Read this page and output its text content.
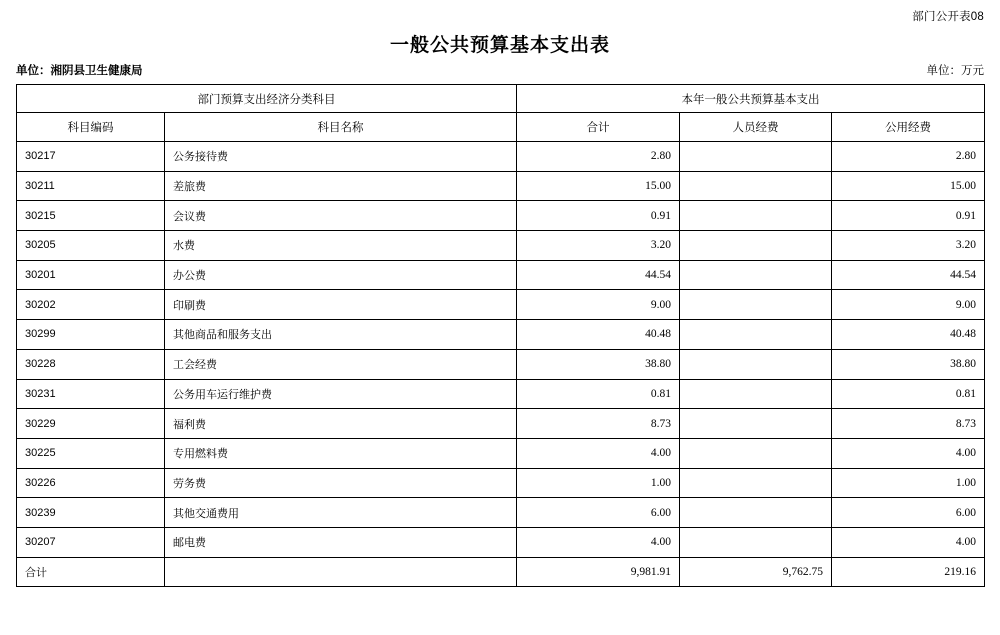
部门公开表08
一般公共预算基本支出表
单位：湘阴县卫生健康局	单位：万元
部门预算支出经济分类科目		本年一般公共预算基本支出		
科目编码	科目名称	合计	人员经费	公用经费
30217	公务接待费	2.80		2.80
30211	差旅费	15.00		15.00
30215	会议费	0.91		0.91
30205	水费	3.20		3.20
30201	办公费	44.54		44.54
30202	印刷费	9.00		9.00
30299	其他商品和服务支出	40.48		40.48
30228	工会经费	38.80		38.80
30231	公务用车运行维护费	0.81		0.81
30229	福利费	8.73		8.73
30225	专用燃料费	4.00		4.00
30226	劳务费	1.00		1.00
30239	其他交通费用	6.00		6.00
30207	邮电费	4.00		4.00
合计		9,981.91	9,762.75	219.16
